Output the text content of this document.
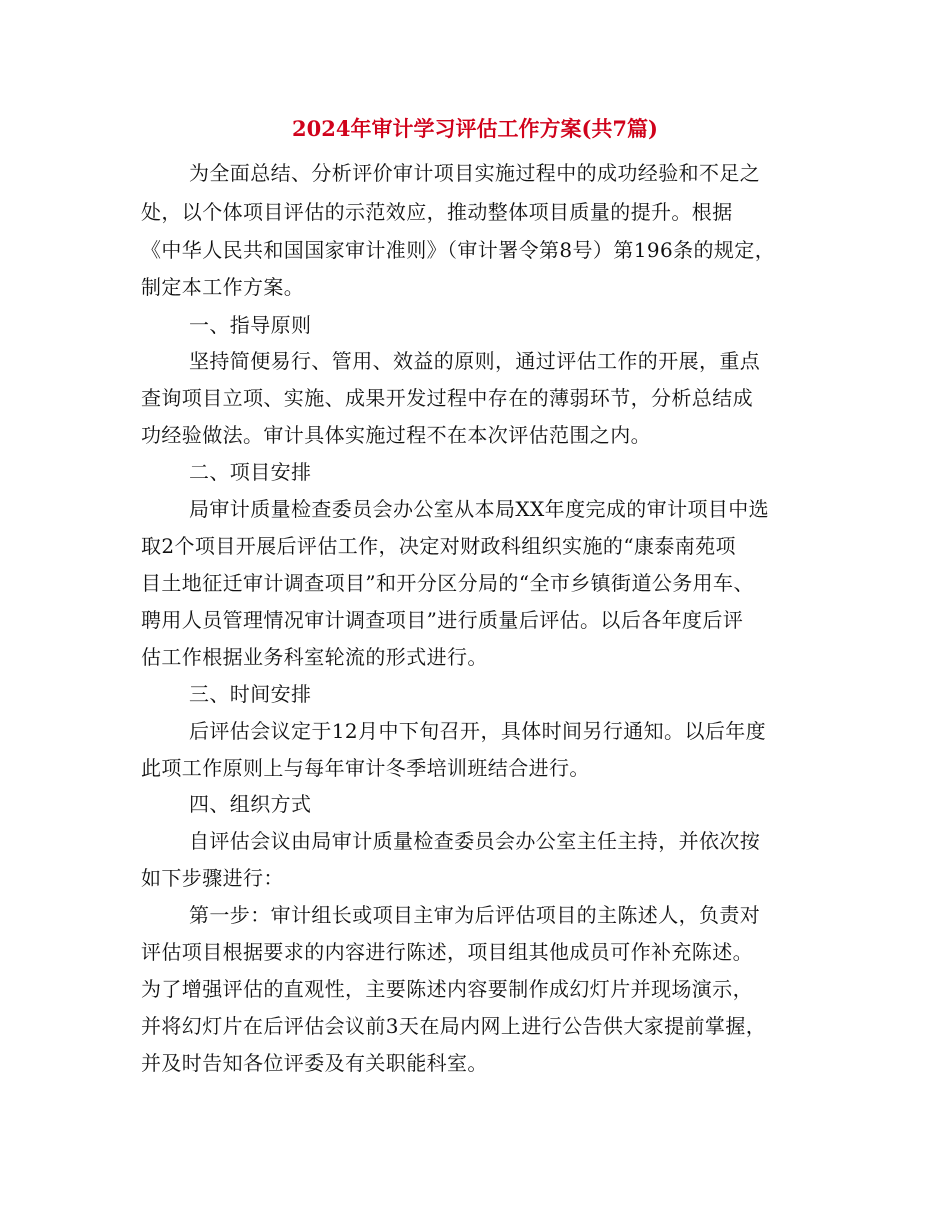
2024年审计学习评估工作方案(共7篇)
为全面总结、分析评价审计项目实施过程中的成功经验和不足之
处，以个体项目评估的示范效应，推动整体项目质量的提升。根据
《中华人民共和国国家审计准则》（审计署令第8号）第196条的规定，
制定本工作方案。
一、指导原则
坚持简便易行、管用、效益的原则，通过评估工作的开展，重点
查询项目立项、实施、成果开发过程中存在的薄弱环节，分析总结成
功经验做法。审计具体实施过程不在本次评估范围之内。
二、项目安排
局审计质量检查委员会办公室从本局XX年度完成的审计项目中选
取2个项目开展后评估工作，决定对财政科组织实施的“康泰南苑项
目土地征迁审计调查项目”和开分区分局的“全市乡镇街道公务用车、
聘用人员管理情况审计调查项目”进行质量后评估。以后各年度后评
估工作根据业务科室轮流的形式进行。
三、时间安排
后评估会议定于12月中下旬召开，具体时间另行通知。以后年度
此项工作原则上与每年审计冬季培训班结合进行。
四、组织方式
自评估会议由局审计质量检查委员会办公室主任主持，并依次按
如下步骤进行：
第一步：审计组长或项目主审为后评估项目的主陈述人，负责对
评估项目根据要求的内容进行陈述，项目组其他成员可作补充陈述。
为了增强评估的直观性，主要陈述内容要制作成幻灯片并现场演示，
并将幻灯片在后评估会议前3天在局内网上进行公告供大家提前掌握，
并及时告知各位评委及有关职能科室。
